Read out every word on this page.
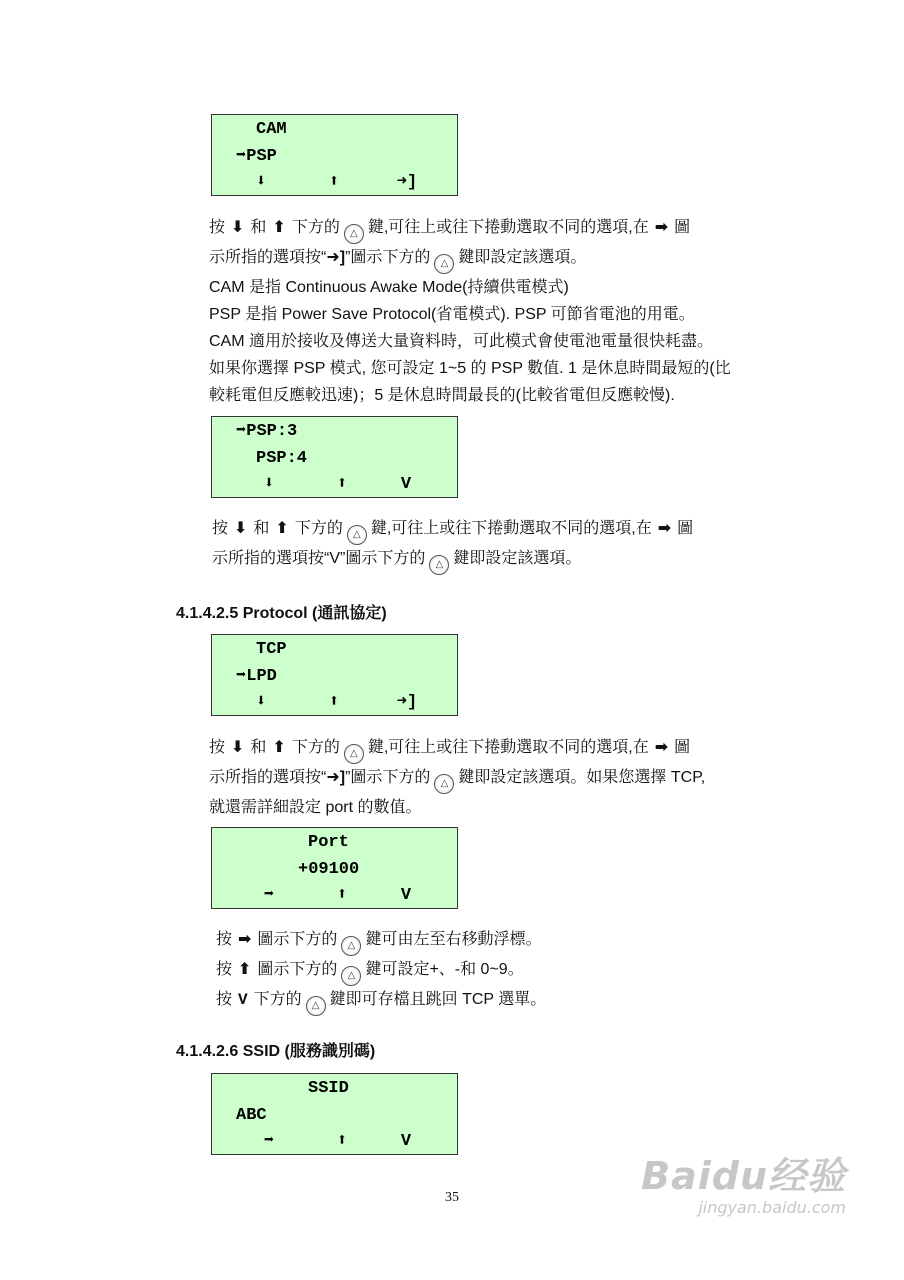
CAM
➡PSP
⬇	⬆	➜]

按 ⬇ 和 ⬆ 下方的 △ 鍵,可往上或往下捲動選取不同的選項,在 ➡ 圖

示所指的選項按“➜]”圖示下方的 △ 鍵即設定該選項。

CAM 是指 Continuous Awake Mode(持續供電模式)

PSP 是指 Power Save Protocol(省電模式). PSP 可節省電池的用電。

CAM 適用於接收及傳送大量資料時，可此模式會使電池電量很快耗盡。

如果你選擇 PSP 模式, 您可設定 1~5 的 PSP 數值. 1 是休息時間最短的(比

較耗電但反應較迅速)；5 是休息時間最長的(比較省電但反應較慢).

➡PSP:3
PSP:4
⬇	⬆	V

按 ⬇ 和 ⬆ 下方的 △ 鍵,可往上或往下捲動選取不同的選項,在 ➡ 圖

示所指的選項按“V”圖示下方的 △ 鍵即設定該選項。

4.1.4.2.5 Protocol (通訊協定)
TCP
➡LPD
⬇	⬆	➜]

按 ⬇ 和 ⬆ 下方的 △ 鍵,可往上或往下捲動選取不同的選項,在 ➡ 圖

示所指的選項按“➜]”圖示下方的 △ 鍵即設定該選項。如果您選擇 TCP,

就還需詳細設定 port 的數值。

Port
+09100
➡	⬆	V

按 ➡ 圖示下方的 △ 鍵可由左至右移動浮標。

按 ⬆ 圖示下方的 △ 鍵可設定+、-和 0~9。

按 V 下方的 △ 鍵即可存檔且跳回 TCP 選單。

4.1.4.2.6 SSID (服務識別碼)
SSID
ABC
➡	⬆	V
35	Baidu经验
jingyan.baidu.com
